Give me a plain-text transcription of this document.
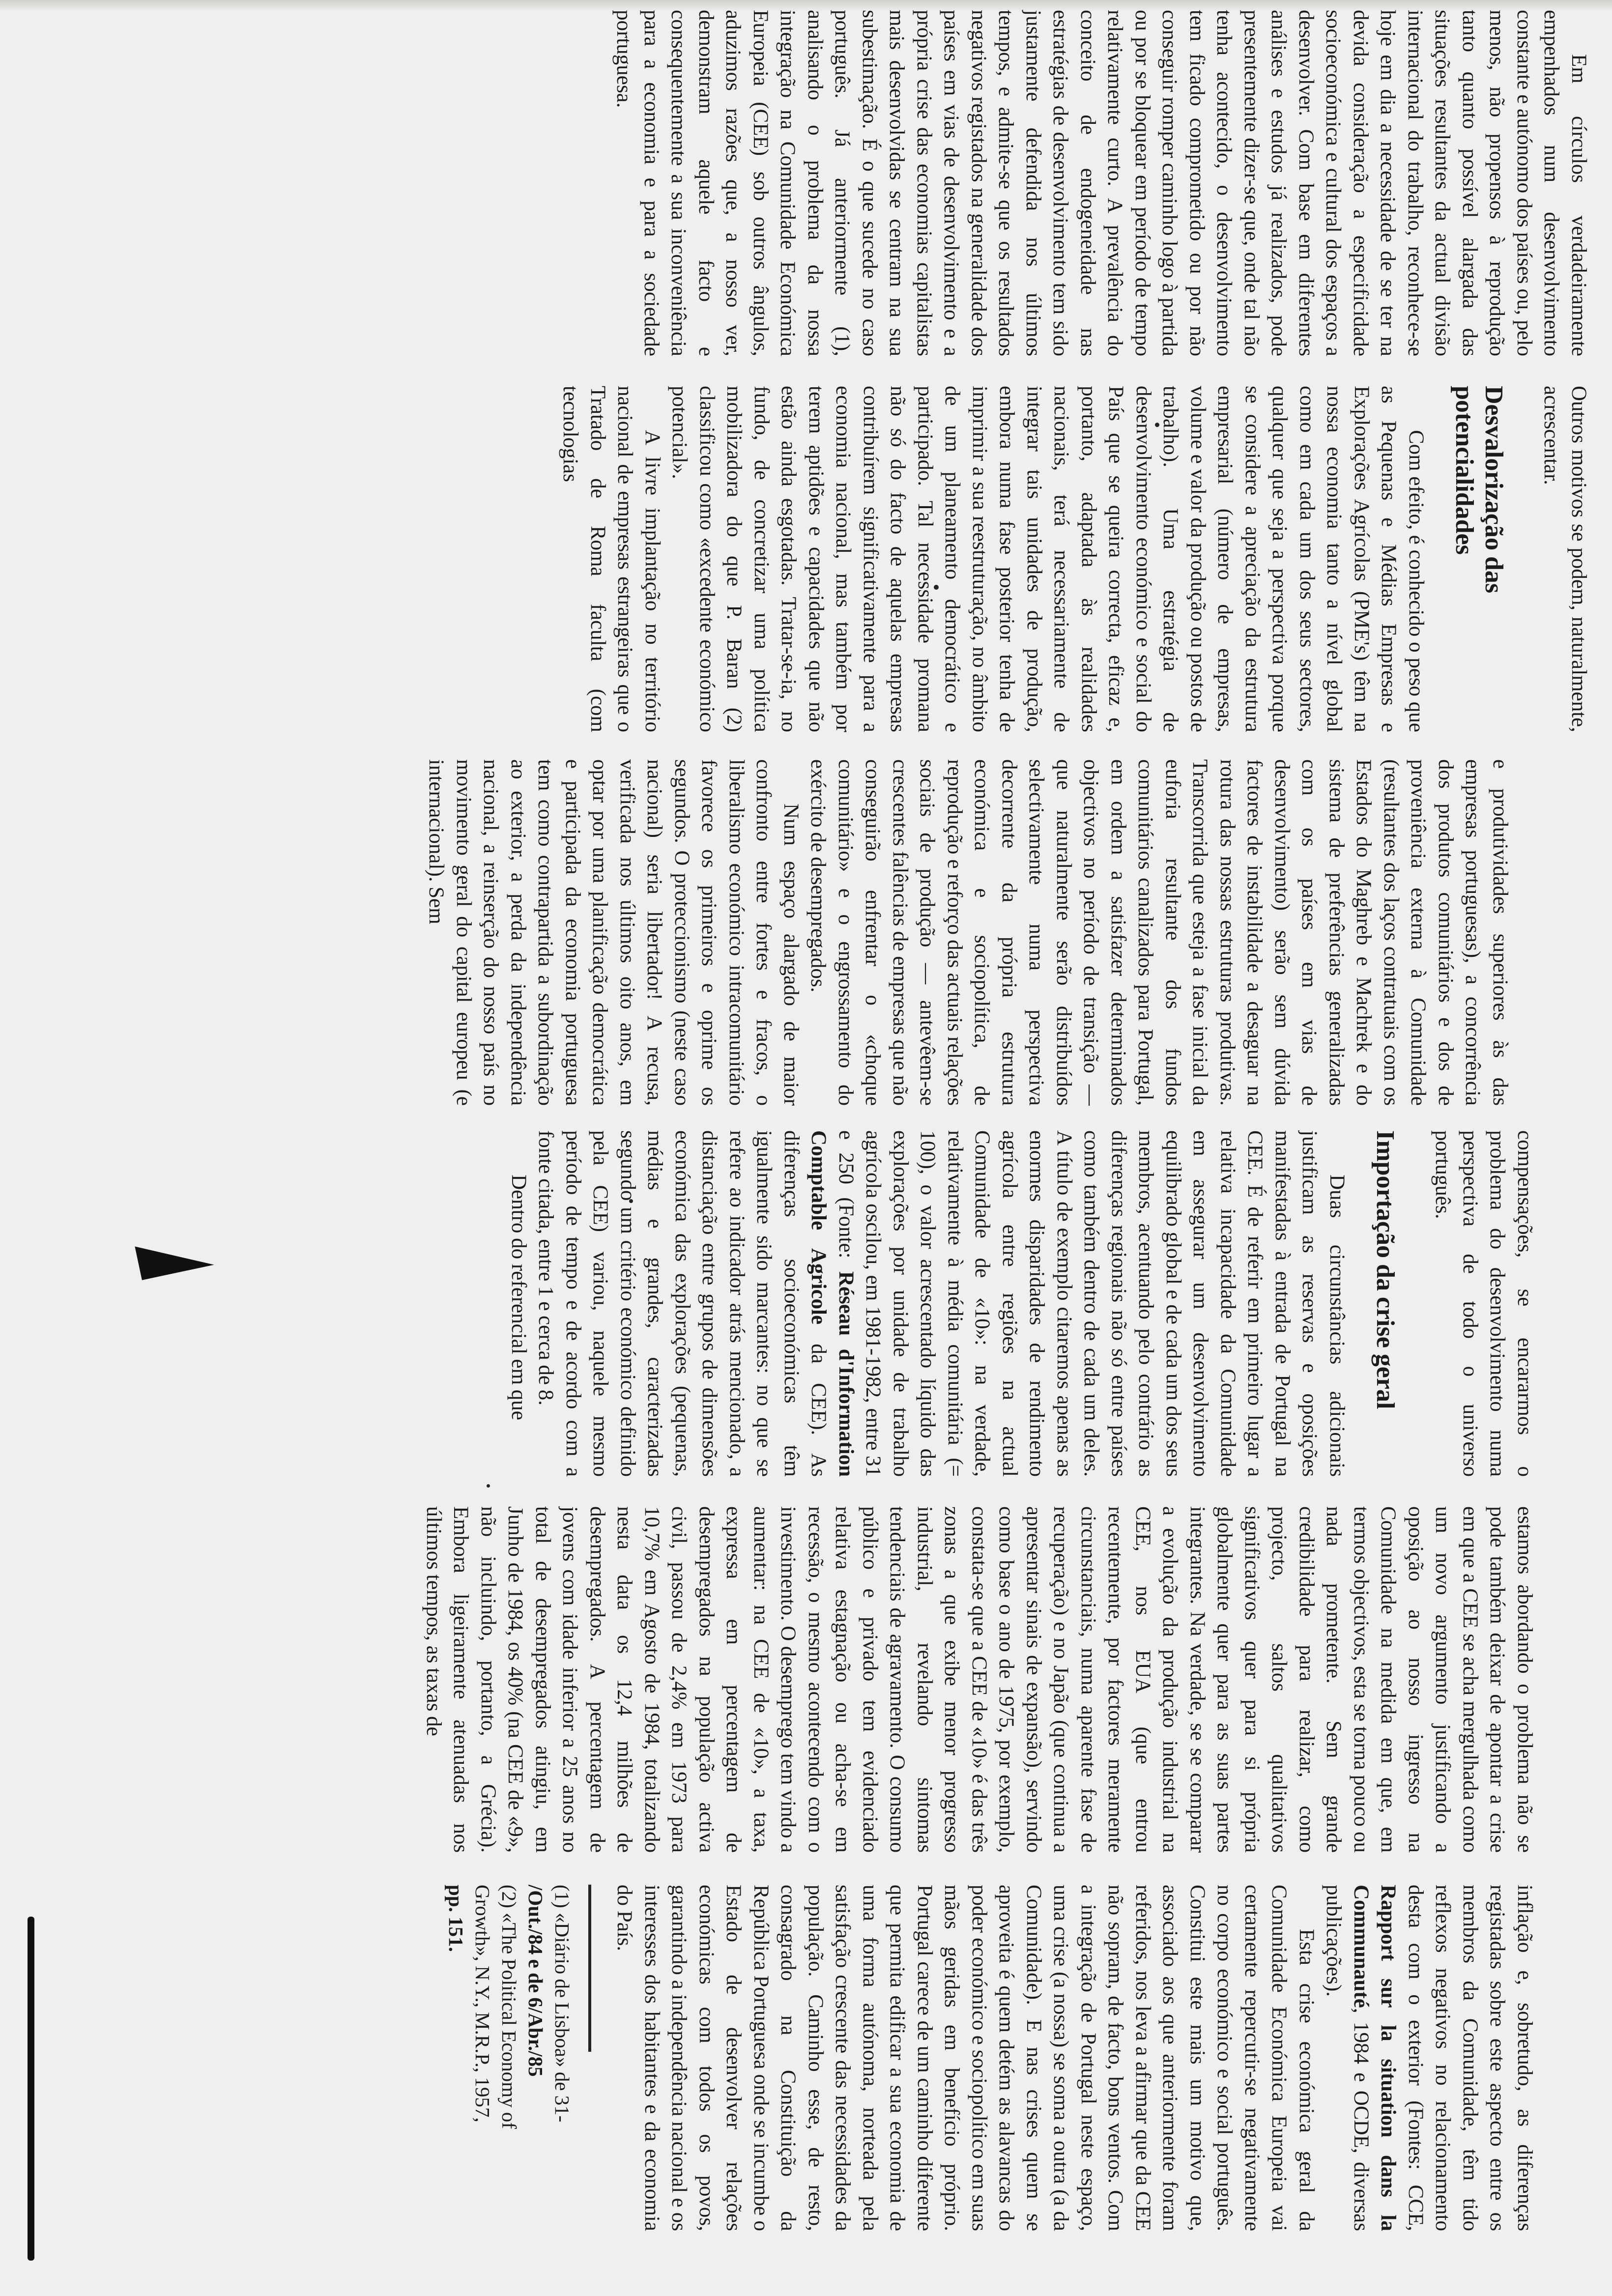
Em círculos verdadeiramente empenhados num desenvolvimento constante e autónomo dos países ou, pelo menos, não propensos à reprodução tanto quanto possível alargada das situações resultantes da actual divisão internacional do trabalho, reconhece-se hoje em dia a necessidade de se ter na devida consideração a especificidade socioeconómica e cultural dos espaços a desenvolver. Com base em diferentes análises e estudos já realizados, pode presentemente dizer-se que, onde tal não tenha acontecido, o desenvolvimento tem ficado comprometido ou por não conseguir romper caminho logo à partida ou por se bloquear em período de tempo relativamente curto. A prevalência do conceito de endogeneidade nas estratégias de desenvolvimento tem sido justamente defendida nos últimos tempos, e admite-se que os resultados negativos registados na generalidade dos países em vias de desenvolvimento e a própria crise das economias capitalistas mais desenvolvidas se centram na sua subestimação. É o que sucede no caso português. Já anteriormente (1), analisando o problema da nossa integração na Comunidade Económica Europeia (CEE) sob outros ângulos, aduzimos razões que, a nosso ver, demonstram aquele facto e consequentemente a sua inconveniência para a economia e para a sociedade portuguesa.

Outros motivos se podem, naturalmente, acrescentar.

Desvalorização das potencialidades

Com efeito, é conhecido o peso que as Pequenas e Médias Empresas e Explorações Agrícolas (PME's) têm na nossa economia tanto a nível global como em cada um dos seus sectores, qualquer que seja a perspectiva porque se considere a apreciação da estrutura empresarial (número de empresas, volume e valor da produção ou postos de trabalho). Uma estratégia de desenvolvimento económico e social do País que se queira correcta, eficaz e, portanto, adaptada às realidades nacionais, terá necessariamente de integrar tais unidades de produção, embora numa fase posterior tenha de imprimir a sua reestruturação, no âmbito de um planeamento democrático e participado. Tal necessidade promana não só do facto de aquelas empresas contribuírem significativamente para a economia nacional, mas também por terem aptidões e capacidades que não estão ainda esgotadas. Tratar-se-ia, no fundo, de concretizar uma política mobilizadora do que P. Baran (2) classificou como «excedente económico potencial».

A livre implantação no território nacional de empresas estrangeiras que o Tratado de Roma faculta (com tecnologias

e produtividades superiores às das empresas portuguesas), a concorrência dos produtos comunitários e dos de proveniência externa à Comunidade (resultantes dos laços contratuais com os Estados do Maghreb e Machrek e do sistema de preferências generalizadas com os países em vias de desenvolvimento) serão sem dúvida factores de instabilidade a desaguar na rotura das nossas estruturas produtivas. Transcorrida que esteja a fase inicial da euforia resultante dos fundos comunitários canalizados para Portugal, em ordem a satisfazer determinados objectivos no período de transição — que naturalmente serão distribuídos selectivamente numa perspectiva decorrente da própria estrutura económica e sociopolítica, de reprodução e reforço das actuais relações sociais de produção — antevêem-se crescentes falências de empresas que não conseguirão enfrentar o «choque comunitário» e o engrossamento do exército de desempregados.

Num espaço alargado de maior confronto entre fortes e fracos, o liberalismo económico intracomunitário favorece os primeiros e oprime os segundos. O proteccionismo (neste caso nacional) seria libertador! A recusa, verificada nos últimos oito anos, em optar por uma planificação democrática e participada da economia portuguesa tem como contrapartida a subordinação ao exterior, a perda da independência nacional, a reinserção do nosso país no movimento geral do capital europeu (e internacional). Sem

compensações, se encararmos o problema do desenvolvimento numa perspectiva de todo o universo português.

Importação da crise geral

Duas circunstâncias adicionais justificam as reservas e oposições manifestadas à entrada de Portugal na CEE. É de referir em primeiro lugar a relativa incapacidade da Comunidade em assegurar um desenvolvimento equilibrado global e de cada um dos seus membros, acentuando pelo contrário as diferenças regionais não só entre países como também dentro de cada um deles. A título de exemplo citaremos apenas as enormes disparidades de rendimento agrícola entre regiões na actual Comunidade de «10»: na verdade, relativamente à média comunitária (= 100), o valor acrescentado líquido das explorações por unidade de trabalho agrícola oscilou, em 1981-1982, entre 31 e 250 (Fonte: Réseau d'Information Comptable Agricole da CEE). As diferenças socioeconómicas têm igualmente sido marcantes: no que se refere ao indicador atrás mencionado, a distanciação entre grupos de dimensões económica das explorações (pequenas, médias e grandes, caracterizadas segundo um critério económico definido pela CEE) variou, naquele mesmo período de tempo e de acordo com a fonte citada, entre 1 e cerca de 8.

Dentro do referencial em que

estamos abordando o problema não se pode também deixar de apontar a crise em que a CEE se acha mergulhada como um novo argumento justificando a oposição ao nosso ingresso na Comunidade na medida em que, em termos objectivos, esta se torna pouco ou nada prometente. Sem grande credibilidade para realizar, como projecto, saltos qualitativos significativos quer para si própria globalmente quer para as suas partes integrantes. Na verdade, se se comparar a evolução da produção industrial na CEE, nos EUA (que entrou recentemente, por factores meramente circunstanciais, numa aparente fase de recuperação) e no Japão (que continua a apresentar sinais de expansão), servindo como base o ano de 1975, por exemplo, constata-se que a CEE de «10» é das três zonas a que exibe menor progresso industrial, revelando sintomas tendenciais de agravamento. O consumo público e privado tem evidenciado relativa estagnação ou acha-se em recessão, o mesmo acontecendo com o investimento. O desemprego tem vindo a aumentar: na CEE de «10», a taxa, expressa em percentagem de desempregados na população activa civil, passou de 2,4% em 1973 para 10,7% em Agosto de 1984, totalizando nesta data os 12,4 milhões de desempregados. A percentagem de jovens com idade inferior a 25 anos no total de desempregados atingiu, em Junho de 1984, os 40% (na CEE de «9», não incluindo, portanto, a Grécia). Embora ligeiramente atenuadas nos últimos tempos, as taxas de

inflação e, sobretudo, as diferenças registadas sobre este aspecto entre os membros da Comunidade, têm tido reflexos negativos no relacionamento desta com o exterior (Fontes: CCE, Rapport sur la situation dans la Communauté, 1984 e OCDE, diversas publicações).

Esta crise económica geral da Comunidade Económica Europeia vai certamente repercutir-se negativamente no corpo económico e social português. Constitui este mais um motivo que, associado aos que anteriormente foram referidos, nos leva a afirmar que da CEE não sopram, de facto, bons ventos. Com a integração de Portugal neste espaço, uma crise (a nossa) se soma a outra (a da Comunidade). E nas crises quem se aproveita é quem detém as alavancas do poder económico e sociopolítico em suas mãos geridas em benefício próprio. Portugal carece de um caminho diferente que permita edificar a sua economia de uma forma autónoma, norteada pela satisfação crescente das necessidades da população. Caminho esse, de resto, consagrado na Constituição da República Portuguesa onde se incumbe o Estado de desenvolver relações económicas com todos os povos, garantindo a independência nacional e os interesses dos habitantes e da economia do País.

(1) «Diário de Lisboa» de 31-
/Out./84 e de 6/Abr./85

(2) «The Political Economy of
Growth», N.Y., M.R.P., 1957,
pp. 151.
